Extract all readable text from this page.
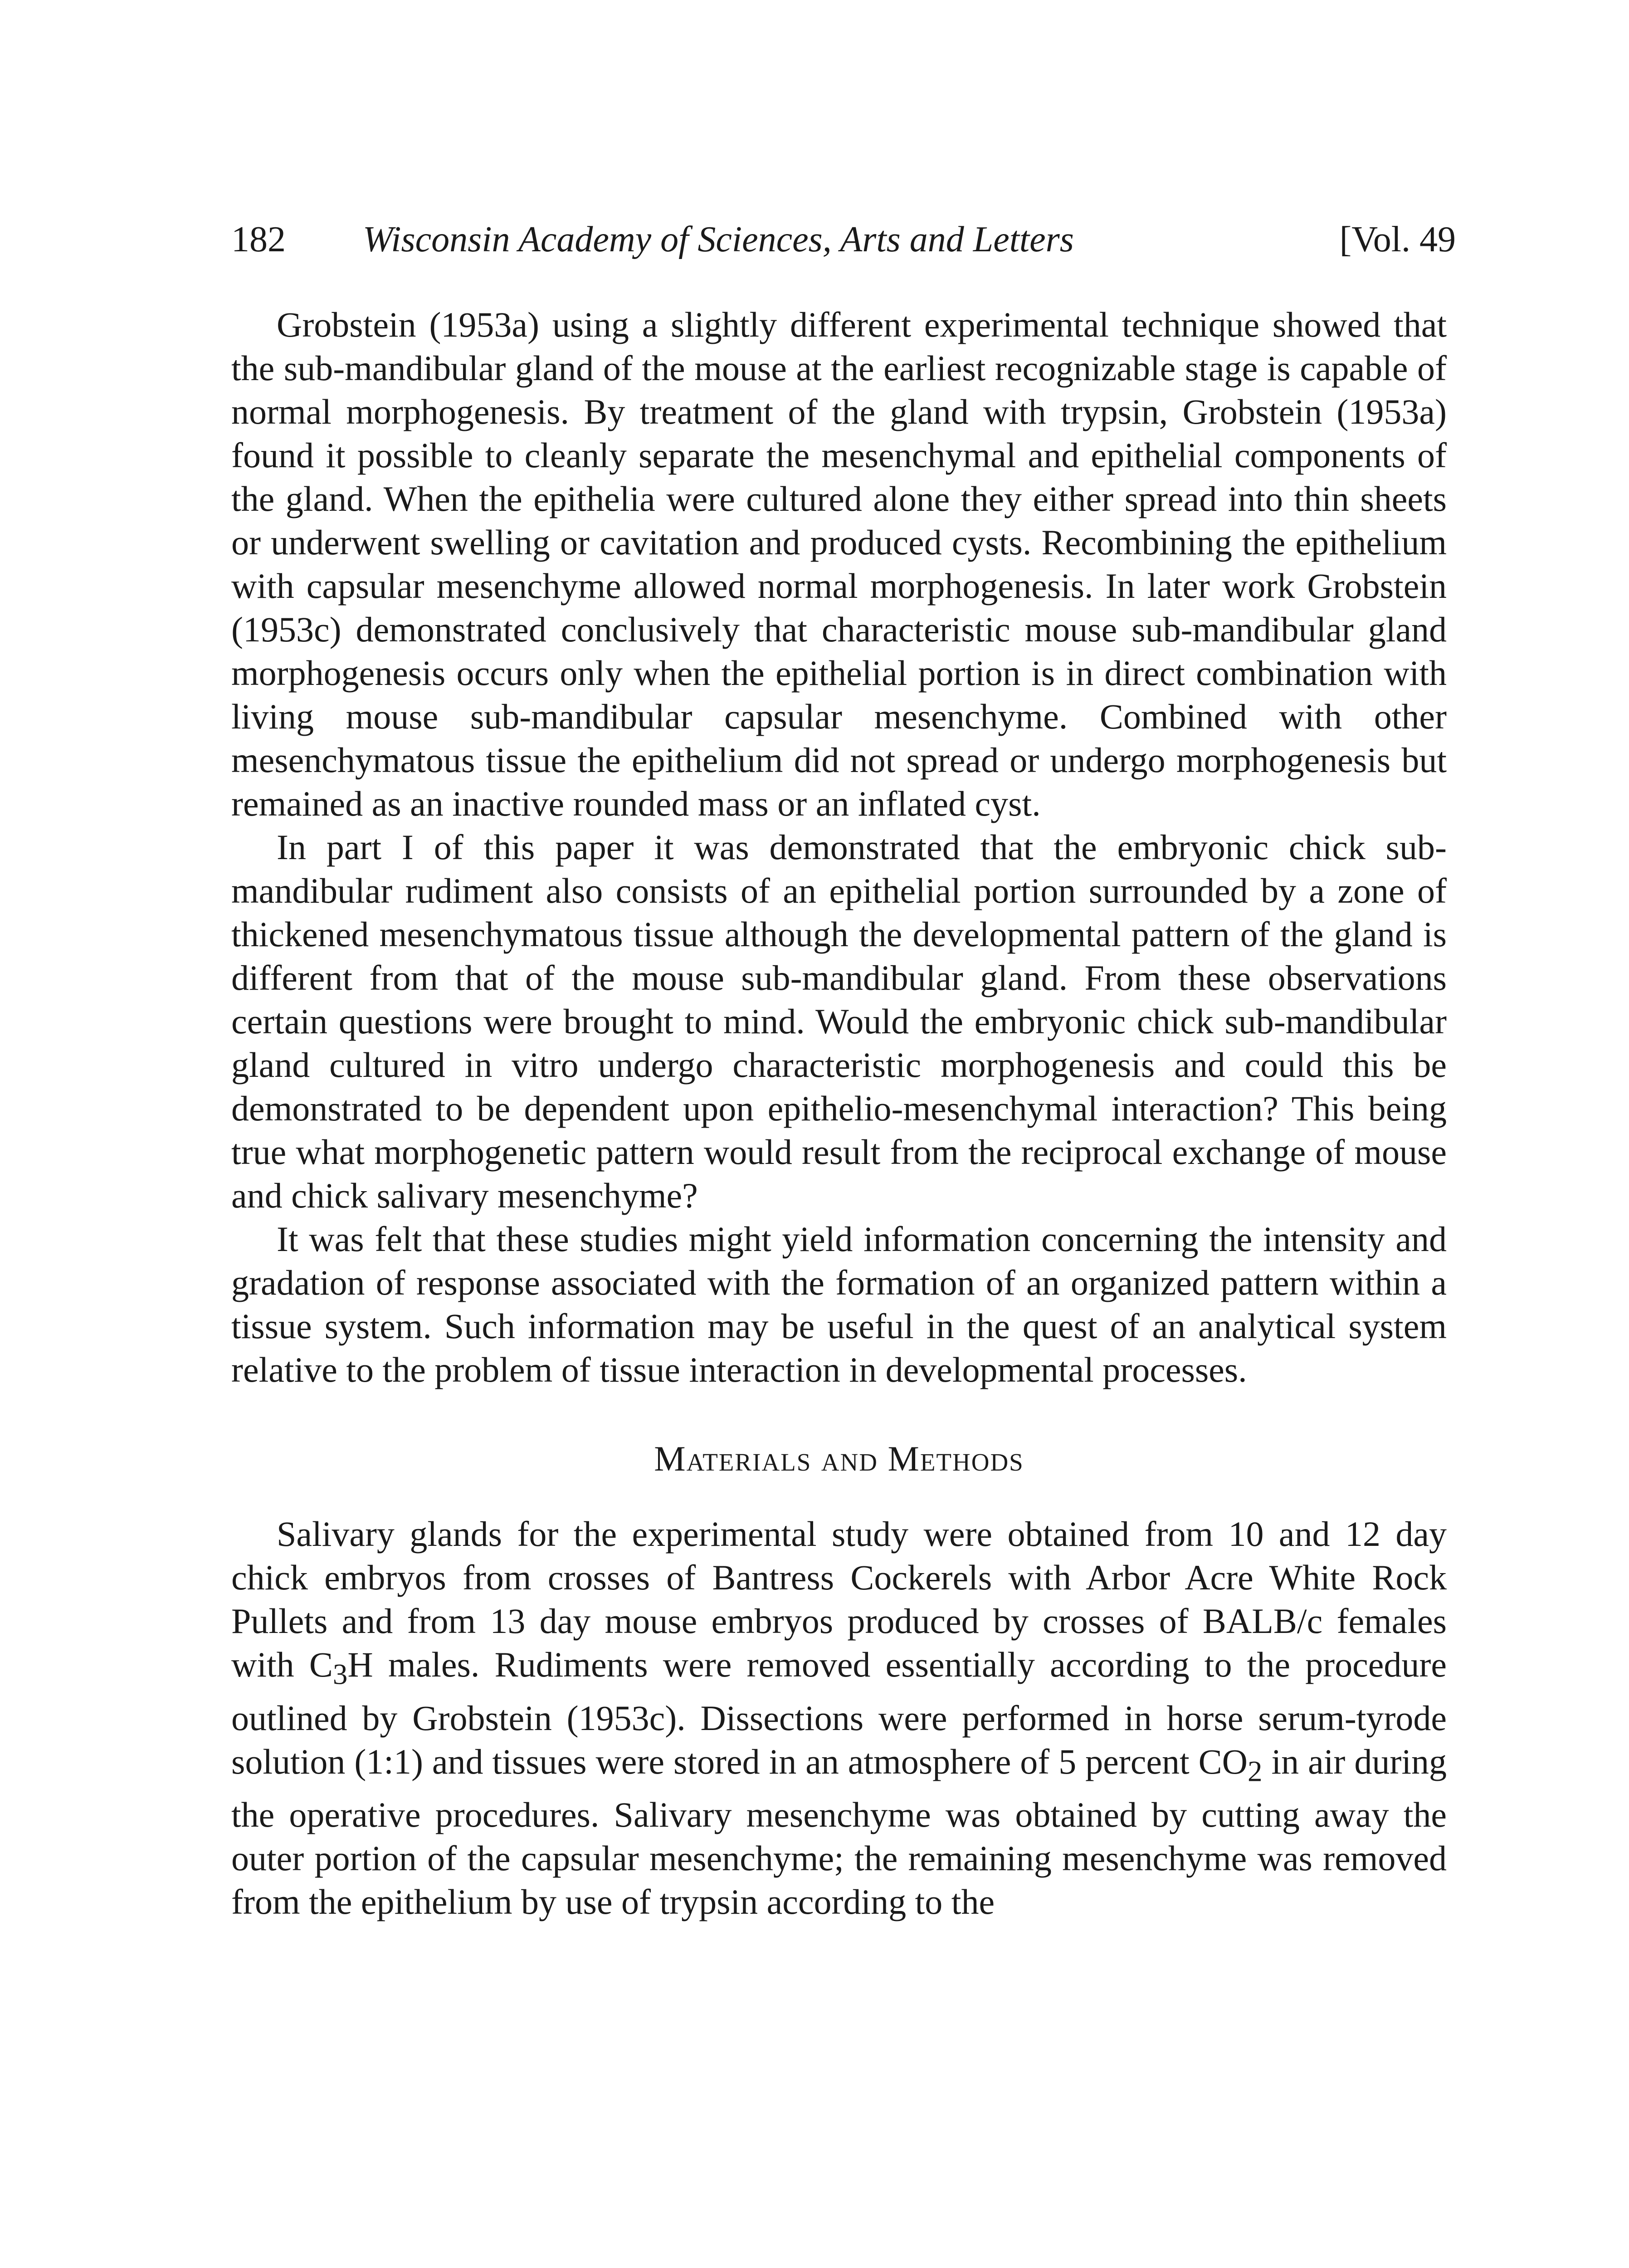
182 Wisconsin Academy of Sciences, Arts and Letters	[Vol. 49

Grobstein (1953a) using a slightly different experimental technique showed that the sub-mandibular gland of the mouse at the earliest recognizable stage is capable of normal morphogenesis. By treatment of the gland with trypsin, Grobstein (1953a) found it possible to cleanly separate the mesenchymal and epithelial components of the gland. When the epithelia were cultured alone they either spread into thin sheets or underwent swelling or cavitation and produced cysts. Recombining the epithelium with capsular mesenchyme allowed normal morphogenesis. In later work Grobstein (1953c) demonstrated conclusively that characteristic mouse sub-mandibular gland morphogenesis occurs only when the epithelial portion is in direct combination with living mouse sub-mandibular capsular mesenchyme. Combined with other mesenchymatous tissue the epithelium did not spread or undergo morphogenesis but remained as an inactive rounded mass or an inflated cyst.

In part I of this paper it was demonstrated that the embryonic chick sub-mandibular rudiment also consists of an epithelial portion surrounded by a zone of thickened mesenchymatous tissue although the developmental pattern of the gland is different from that of the mouse sub-mandibular gland. From these observations certain questions were brought to mind. Would the embryonic chick sub-mandibular gland cultured in vitro undergo characteristic morphogenesis and could this be demonstrated to be dependent upon epithelio-mesenchymal interaction? This being true what morphogenetic pattern would result from the reciprocal exchange of mouse and chick salivary mesenchyme?

It was felt that these studies might yield information concerning the intensity and gradation of response associated with the formation of an organized pattern within a tissue system. Such information may be useful in the quest of an analytical system relative to the problem of tissue interaction in developmental processes.

Materials and Methods

Salivary glands for the experimental study were obtained from 10 and 12 day chick embryos from crosses of Bantress Cockerels with Arbor Acre White Rock Pullets and from 13 day mouse embryos produced by crosses of BALB/c females with $C_3H$ males. Rudiments were removed essentially according to the procedure outlined by Grobstein (1953c). Dissections were performed in horse serum-tyrode solution (1:1) and tissues were stored in an atmosphere of 5 percent $CO_2$ in air during the operative procedures. Salivary mesenchyme was obtained by cutting away the outer portion of the capsular mesenchyme; the remaining mesenchyme was removed from the epithelium by use of trypsin according to the
